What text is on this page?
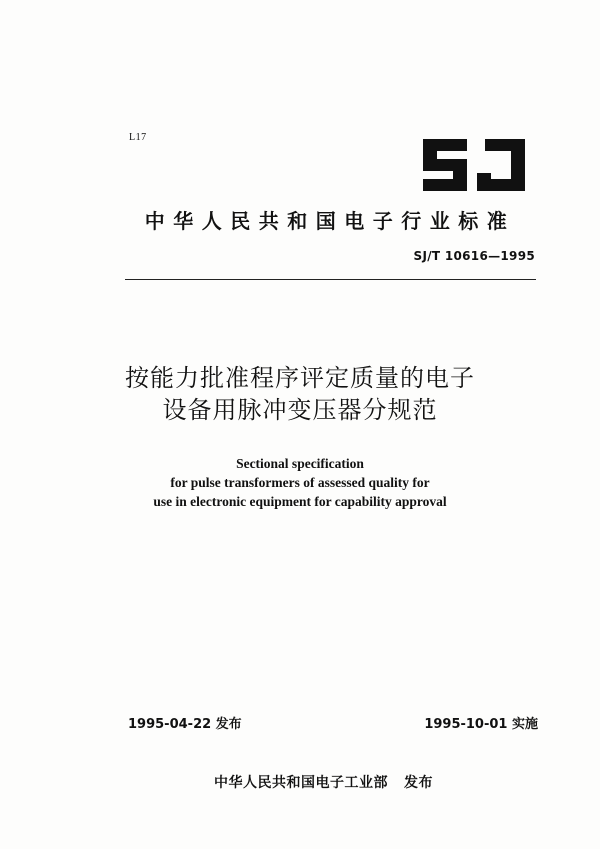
L17
中华人民共和国电子行业标准
SJ/T 10616—1995
按能力批准程序评定质量的电子
设备用脉冲变压器分规范
Sectional specification
for pulse transformers of assessed quality for
use in electronic equipment for capability approval
1995-04-22 发布	1995-10-01 实施
中华人民共和国电子工业部 发布
